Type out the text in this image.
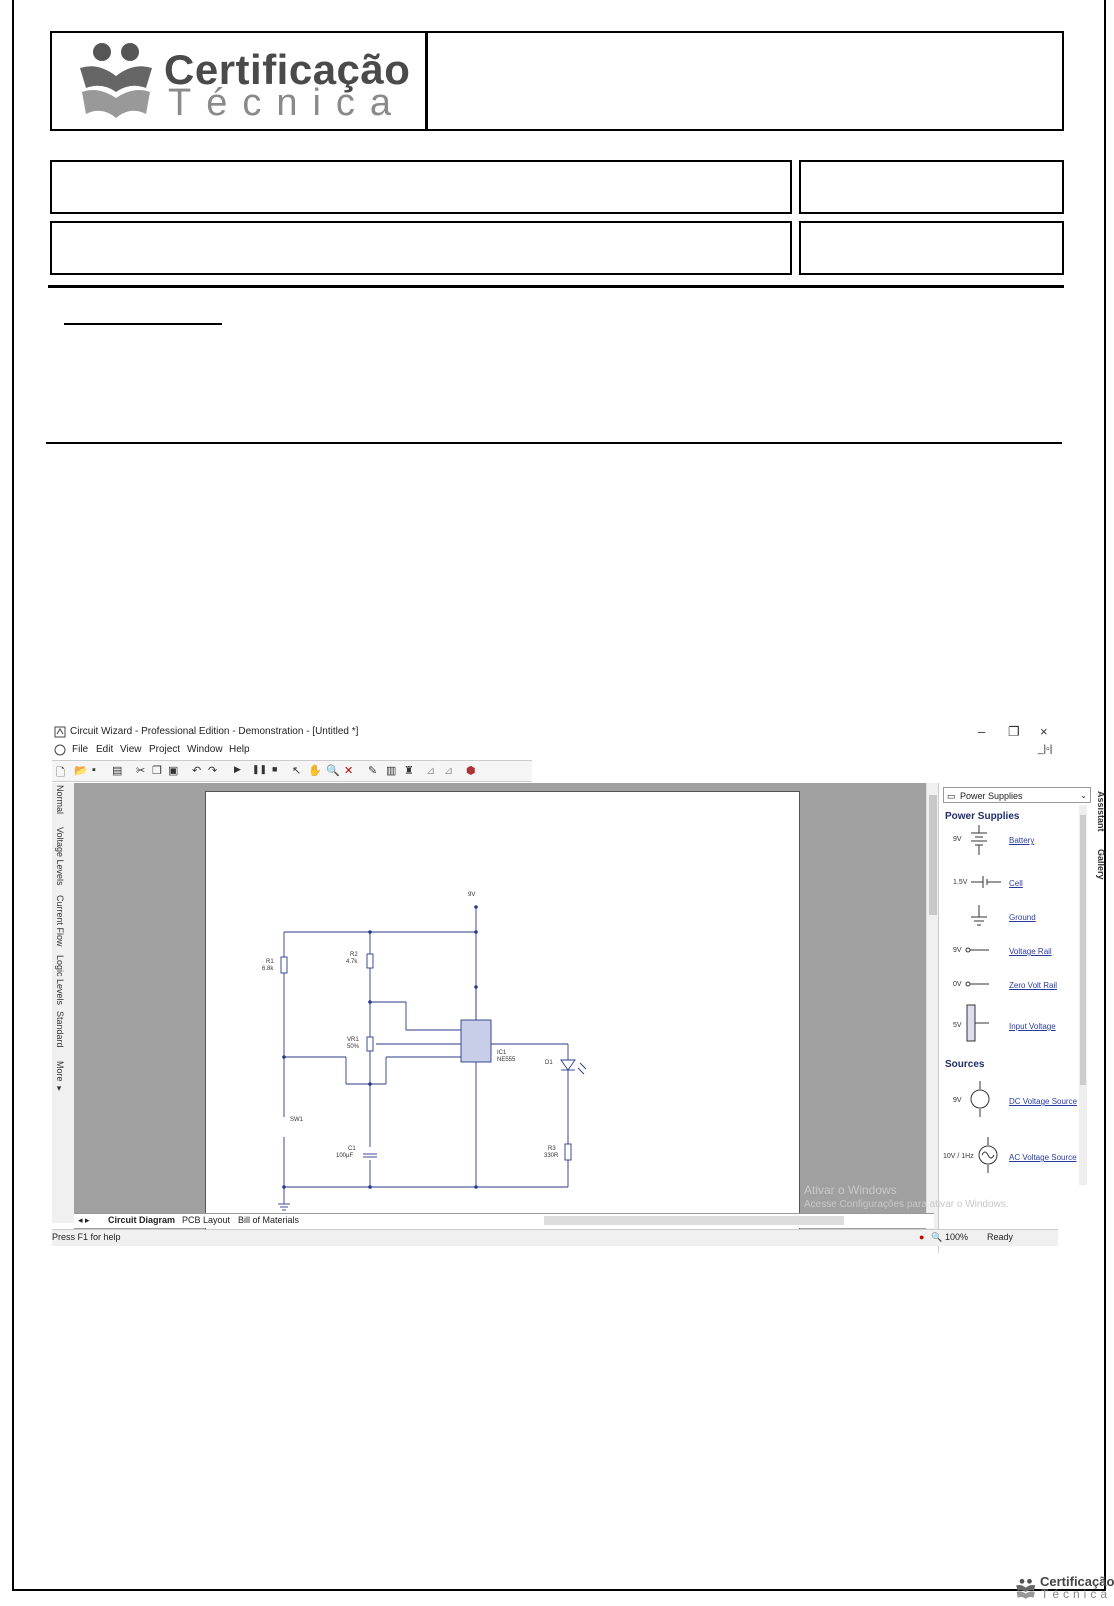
Certificação
Técnica
Circuit Wizard - Professional Edition - Demonstration - [Untitled *]	– ❐ ×
File Edit View Project Window Help	_|▫|
🗋 📂 ▪ ▤ ✂ ❐ ▣ ↶ ↷ ▶ ❚❚ ■ ↖ ✋ 🔍 ✕ ✎ ▥ ♜ ⊿ ⊿ ⬢
Normal
Voltage Levels
Current Flow
Logic Levels
Standard
More ▾
9V
R1
6.8k
R2
4.7k
VR1
50%
IC1
NE555	D1
R3
330R
C1
100µF
SW1
▭ Power Supplies	⌄
Power Supplies
9V	Battery
1.5V	Cell
Ground
9V	Voltage Rail
0V	Zero Volt Rail
5V	Input Voltage
Sources
9V	DC Voltage Source
10V / 1Hz	AC Voltage Source
Assistant
Gallery
Ativar o Windows
Acesse Configurações para ativar o Windows.
◂ ▸ Circuit Diagram PCB Layout Bill of Materials
Press F1 for help	● 🔍 100% Ready
Certificação
Técnica
